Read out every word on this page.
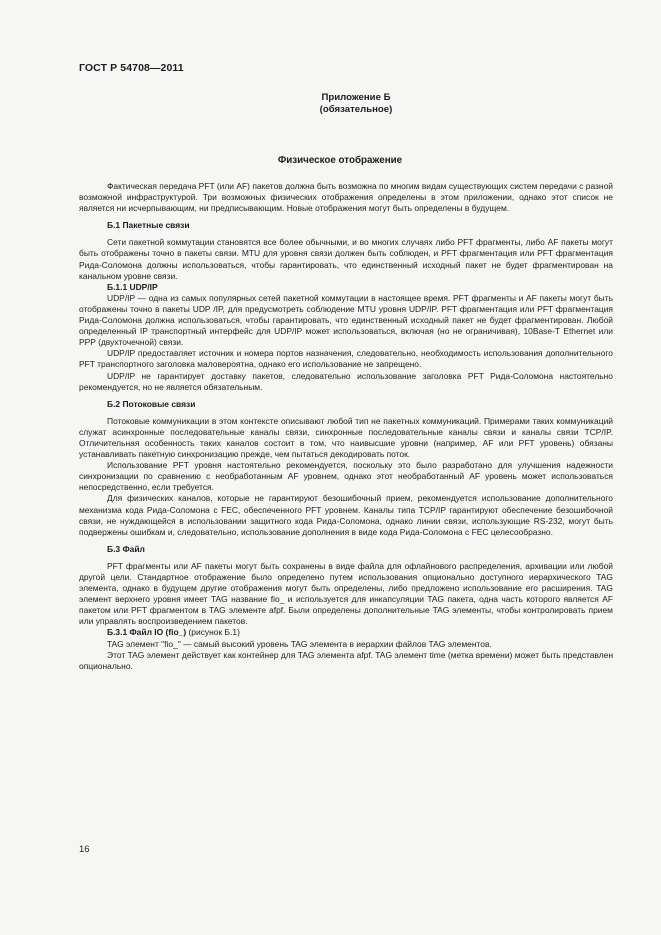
ГОСТ Р 54708—2011
Приложение Б
(обязательное)
Физическое отображение

Фактическая передача PFT (или AF) пакетов должна быть возможна по многим видам существующих систем передачи с разной возможной инфраструктурой. Три возможных физических отображения определены в этом приложении, однако этот список не является ни исчерпывающим, ни предписывающим. Новые отображения могут быть определены в будущем.

Б.1 Пакетные связи

Сети пакетной коммутации становятся все более обычными, и во многих случаях либо PFT фрагменты, либо AF пакеты могут быть отображены точно в пакеты связи. MTU для уровня связи должен быть соблюден, и PFT фрагментация или PFT фрагментация Рида-Соломона должны использоваться, чтобы гарантировать, что единственный исходный пакет не будет фрагментирован на канальном уровне связи.

Б.1.1 UDP/IP

UDP/IP — одна из самых популярных сетей пакетной коммутации в настоящее время. PFT фрагменты и AF пакеты могут быть отображены точно в пакеты UDP /IP, для предусмотреть соблюдение MTU уровня UDP/IP. PFT фрагментация или PFT фрагментация Рида-Соломона должна использоваться, чтобы гарантировать, что единственный исходный пакет не будет фрагментирован. Любой определенный IP транспортный интерфейс для UDP/IP может использоваться, включая (но не ограничивая), 10Base-T Ethernet или PPP (двухточечной) связи.

UDP/IP предоставляет источник и номера портов назначения, следовательно, необходимость использования дополнительного PFT транспортного заголовка маловероятна, однако его использование не запрещено.

UDP/IP не гарантирует доставку пакетов, следовательно использование заголовка PFT Рида-Соломона настоятельно рекомендуется, но не является обязательным.

Б.2 Потоковые связи

Потоковые коммуникации в этом контексте описывают любой тип не пакетных коммуникаций. Примерами таких коммуникаций служат асинхронные последовательные каналы связи, синхронные последовательные каналы связи и каналы связи TCP/IP. Отличительная особенность таких каналов состоит в том, что наивысшие уровни (например, AF или PFT уровень) обязаны устанавливать пакетную синхронизацию прежде, чем пытаться декодировать поток.

Использование PFT уровня настоятельно рекомендуется, поскольку это было разработано для улучшения надежности синхронизации по сравнению с необработанным AF уровнем, однако этот необработанный AF уровень может использоваться непосредственно, если требуется.

Для физических каналов, которые не гарантируют безошибочный прием, рекомендуется использование дополнительного механизма кода Рида-Соломона с FEC, обеспеченного PFT уровнем. Каналы типа TCP/IP гарантируют обеспечение безошибочной связи, не нуждающейся в использовании защитного кода Рида-Соломона, однако линии связи, использующие RS-232, могут быть подвержены ошибкам и, следовательно, использование дополнения в виде кода Рида-Соломона с FEC целесообразно.

Б.3 Файл

PFT фрагменты или AF пакеты могут быть сохранены в виде файла для офлайнового распределения, архивации или любой другой цели. Стандартное отображение было определено путем использования опционально доступного иерархического TAG элемента, однако в будущем другие отображения могут быть определены, либо предложено использование его расширения. TAG элемент верхнего уровня имеет TAG название fio_ и используется для инкапсуляции TAG пакета, одна часть которого является AF пакетом или PFT фрагментом в TAG элементе afpf. Были определены дополнительные TAG элементы, чтобы контролировать прием или управлять воспроизведением пакетов.

Б.3.1 Файл IO (fio_) (рисунок Б.1)

TAG элемент "fio_" — самый высокий уровень TAG элемента в иерархии файлов TAG элементов.

Этот TAG элемент действует как контейнер для TAG элемента afpf. TAG элемент time (метка времени) может быть представлен опционально.

16
